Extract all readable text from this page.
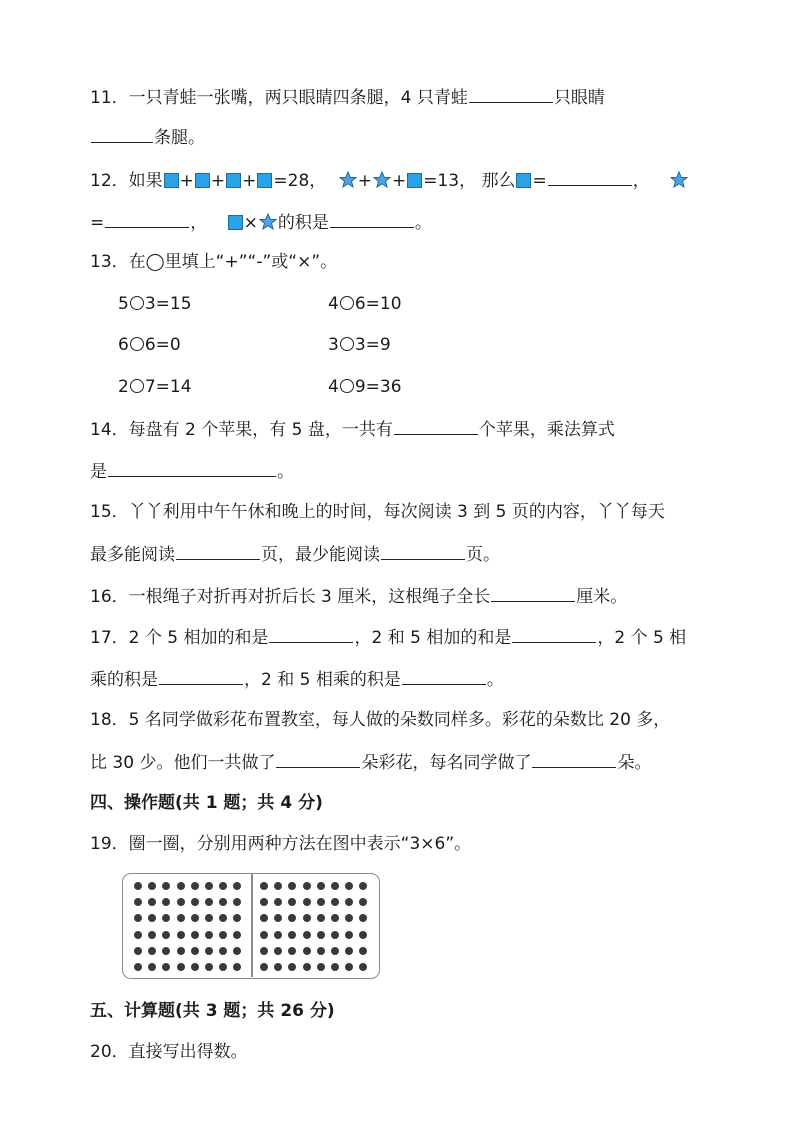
11．一只青蛙一张嘴，两只眼睛四条腿，4 只青蛙	只眼睛
条腿。
12．如果 + + + =28， + + =13， 那么 =	，
=	， × 的积是	。
13．在◯里填上“+”“-”或“×”。
5 3=15	4 6=10
6 6=0	3 3=9
2 7=14	4 9=36
14．每盘有 2 个苹果，有 5 盘，一共有	个苹果，乘法算式
是	。
15．丫丫利用中午午休和晚上的时间，每次阅读 3 到 5 页的内容，丫丫每天
最多能阅读	页，最少能阅读	页。
16．一根绳子对折再对折后长 3 厘米，这根绳子全长	厘米。
17．2 个 5 相加的和是	，2 和 5 相加的和是	，2 个 5 相
乘的积是	，2 和 5 相乘的积是	。
18．5 名同学做彩花布置教室，每人做的朵数同样多。彩花的朵数比 20 多，
比 30 少。他们一共做了	朵彩花，每名同学做了	朵。
四、操作题(共 1 题；共 4 分)
19．圈一圈，分别用两种方法在图中表示“3×6”。
五、计算题(共 3 题；共 26 分)
20．直接写出得数。
